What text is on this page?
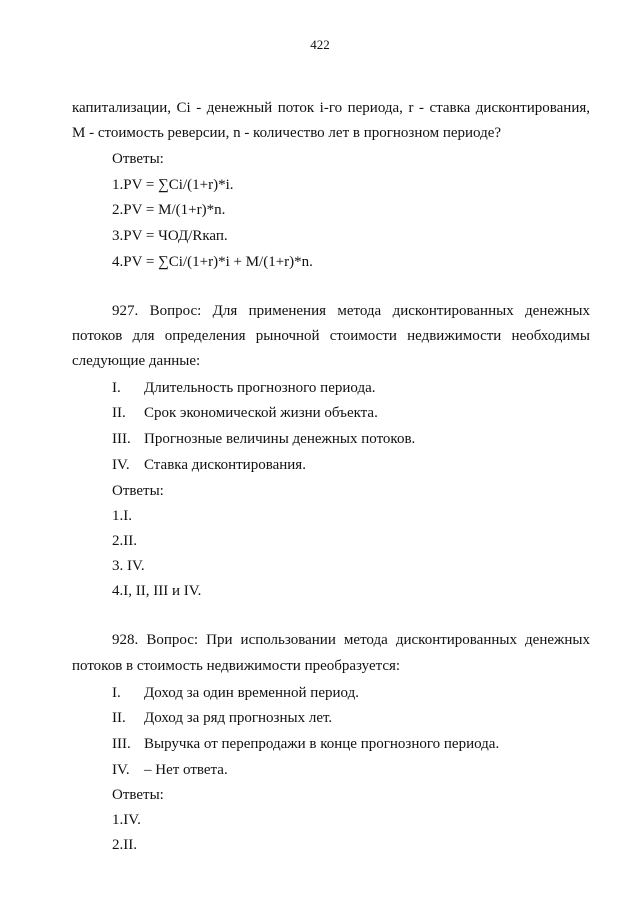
422
капитализации, Ci - денежный поток i-го периода, r - ставка дисконтирования,
M - стоимость реверсии, n - количество лет в прогнозном периоде?
Ответы:
1.PV = ∑Ci/(1+r)*i.
2.PV = M/(1+r)*n.
3.PV = ЧОД/Rкап.
4.PV = ∑Ci/(1+r)*i + M/(1+r)*n.
927. Вопрос: Для применения метода дисконтированных денежных
потоков для определения рыночной стоимости недвижимости необходимы
следующие данные:
I. Длительность прогнозного периода.
II. Срок экономической жизни объекта.
III. Прогнозные величины денежных потоков.
IV. Ставка дисконтирования.
Ответы:
1.I.
2.II.
3. IV.
4.I, II, III и IV.
928. Вопрос: При использовании метода дисконтированных денежных
потоков в стоимость недвижимости преобразуется:
I. Доход за один временной период.
II. Доход за ряд прогнозных лет.
III. Выручка от перепродажи в конце прогнозного периода.
IV. – Нет ответа.
Ответы:
1.IV.
2.II.
